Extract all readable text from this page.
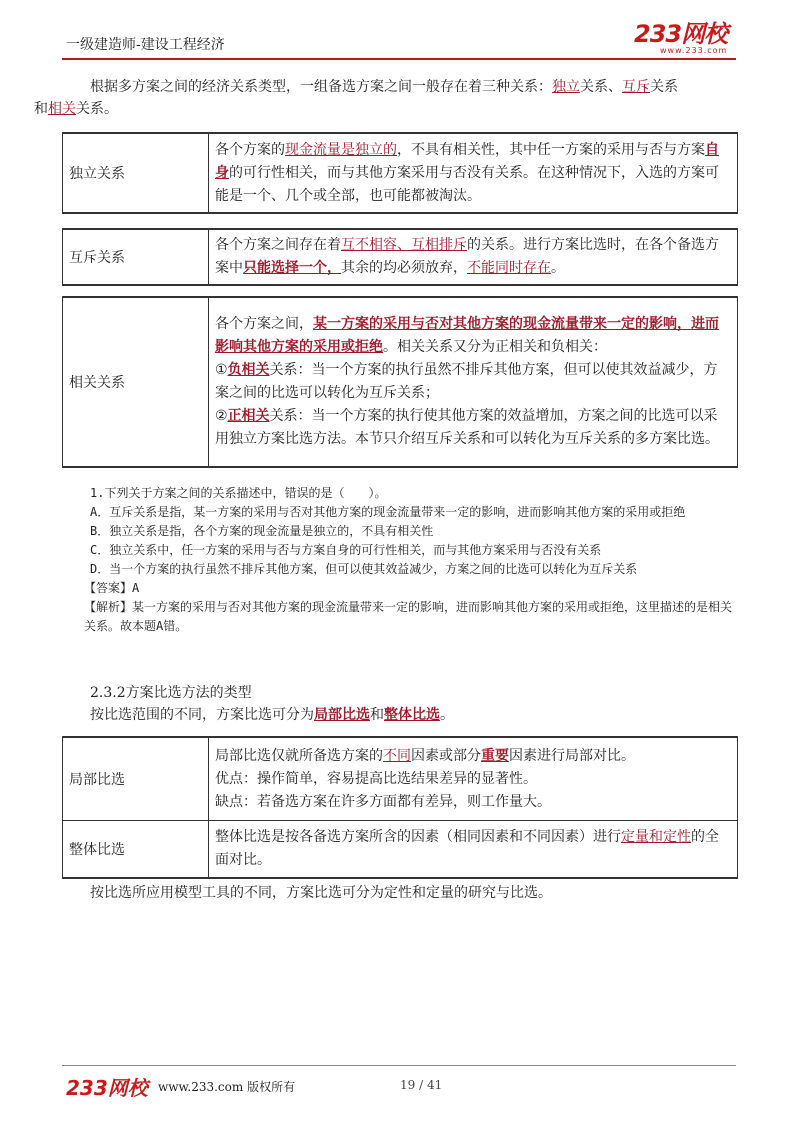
一级建造师-建设工程经济	233网校
www.233.com
根据多方案之间的经济关系类型，一组备选方案之间一般存在着三种关系：独立关系、互斥关系
和相关关系。
独立关系	各个方案的现金流量是独立的，不具有相关性，其中任一方案的采用与否与方案自身的可行性相关，而与其他方案采用与否没有关系。在这种情况下，入选的方案可能是一个、几个或全部，也可能都被淘汰。
互斥关系	各个方案之间存在着互不相容、互相排斥的关系。进行方案比选时，在各个备选方案中只能选择一个，其余的均必须放弃，不能同时存在。
相关关系	各个方案之间，某一方案的采用与否对其他方案的现金流量带来一定的影响，进而影响其他方案的采用或拒绝。相关关系又分为正相关和负相关：
①负相关关系：当一个方案的执行虽然不排斥其他方案，但可以使其效益减少，方案之间的比选可以转化为互斥关系；
②正相关关系：当一个方案的执行使其他方案的效益增加，方案之间的比选可以采用独立方案比选方法。本节只介绍互斥关系和可以转化为互斥关系的多方案比选。
1.下列关于方案之间的关系描述中，错误的是（　　）。
A．互斥关系是指，某一方案的采用与否对其他方案的现金流量带来一定的影响，进而影响其他方案的采用或拒绝
B．独立关系是指，各个方案的现金流量是独立的，不具有相关性
C．独立关系中，任一方案的采用与否与方案自身的可行性相关，而与其他方案采用与否没有关系
D．当一个方案的执行虽然不排斥其他方案，但可以使其效益减少，方案之间的比选可以转化为互斥关系
【答案】A
【解析】某一方案的采用与否对其他方案的现金流量带来一定的影响，进而影响其他方案的采用或拒绝，这里描述的是相关关系。故本题A错。
2.3.2方案比选方法的类型
按比选范围的不同，方案比选可分为局部比选和整体比选。
局部比选	局部比选仅就所备选方案的不同因素或部分重要因素进行局部对比。
优点：操作简单，容易提高比选结果差异的显著性。
缺点：若备选方案在许多方面都有差异，则工作量大。
整体比选	整体比选是按各备选方案所含的因素（相同因素和不同因素）进行定量和定性的全面对比。
按比选所应用模型工具的不同，方案比选可分为定性和定量的研究与比选。
233网校 www.233.com 版权所有	19 / 41
